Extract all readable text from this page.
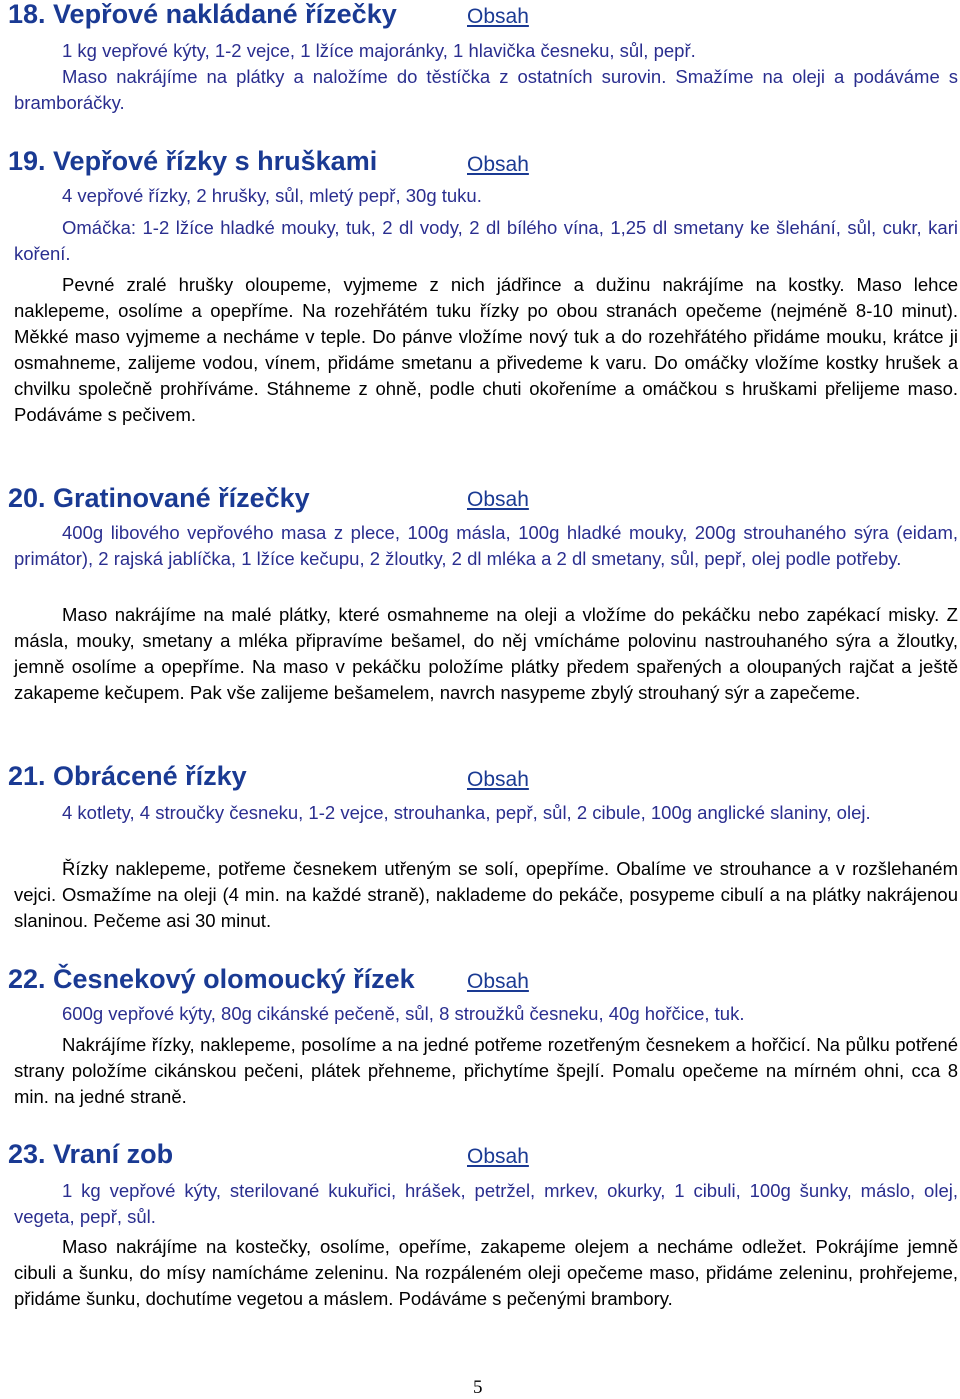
18. Vepřové nakládané řízečky	Obsah
1 kg vepřové kýty, 1-2 vejce, 1 lžíce majoránky, 1 hlavička česneku, sůl, pepř.
Maso nakrájíme na plátky a naložíme do těstíčka z ostatních surovin. Smažíme na oleji a podáváme s bramboráčky.
19. Vepřové řízky s hruškami	Obsah
4 vepřové řízky, 2 hrušky, sůl, mletý pepř, 30g tuku.
Omáčka: 1-2 lžíce hladké mouky, tuk, 2 dl vody, 2 dl bílého vína, 1,25 dl smetany ke šlehání, sůl, cukr, kari koření.
Pevné zralé hrušky oloupeme, vyjmeme z nich jádřince a dužinu nakrájíme na kostky. Maso lehce naklepeme, osolíme a opepříme. Na rozehřátém tuku řízky po obou stranách opečeme (nejméně 8-10 minut). Měkké maso vyjmeme a necháme v teple. Do pánve vložíme nový tuk a do rozehřátého přidáme mouku, krátce ji osmahneme, zalijeme vodou, vínem, přidáme smetanu a přivedeme k varu. Do omáčky vložíme kostky hrušek a chvilku společně prohříváme. Stáhneme z ohně, podle chuti okořeníme a omáčkou s hruškami přelijeme maso. Podáváme s pečivem.
20. Gratinované řízečky	Obsah
400g libového vepřového masa z plece, 100g másla, 100g hladké mouky, 200g strouhaného sýra (eidam, primátor), 2 rajská jablíčka, 1 lžíce kečupu, 2 žloutky, 2 dl mléka a 2 dl smetany, sůl, pepř, olej podle potřeby.
Maso nakrájíme na malé plátky, které osmahneme na oleji a vložíme do pekáčku nebo zapékací misky. Z másla, mouky, smetany a mléka připravíme bešamel, do něj vmícháme polovinu nastrouhaného sýra a žloutky, jemně osolíme a opepříme. Na maso v pekáčku položíme plátky předem spařených a oloupaných rajčat a ještě zakapeme kečupem. Pak vše zalijeme bešamelem, navrch nasypeme zbylý strouhaný sýr a zapečeme.
21. Obrácené řízky	Obsah
4 kotlety, 4 stroučky česneku, 1-2 vejce, strouhanka, pepř, sůl, 2 cibule, 100g anglické slaniny, olej.
Řízky naklepeme, potřeme česnekem utřeným se solí, opepříme. Obalíme ve strouhance a v rozšlehaném vejci. Osmažíme na oleji (4 min. na každé straně), naklademe do pekáče, posypeme cibulí a na plátky nakrájenou slaninou. Pečeme asi 30 minut.
22. Česnekový olomoucký řízek Obsah
600g vepřové kýty, 80g cikánské pečeně, sůl, 8 stroužků česneku, 40g hořčice, tuk.
Nakrájíme řízky, naklepeme, posolíme a na jedné potřeme rozetřeným česnekem a hořčicí. Na půlku potřené strany položíme cikánskou pečeni, plátek přehneme, přichytíme špejlí. Pomalu opečeme na mírném ohni, cca 8 min. na jedné straně.
23. Vraní zob	Obsah
1 kg vepřové kýty, sterilované kukuřici, hrášek, petržel, mrkev, okurky, 1 cibuli, 100g šunky, máslo, olej, vegeta, pepř, sůl.
Maso nakrájíme na kostečky, osolíme, opeříme, zakapeme olejem a necháme odležet. Pokrájíme jemně cibuli a šunku, do mísy namícháme zeleninu. Na rozpáleném oleji opečeme maso, přidáme zeleninu, prohřejeme, přidáme šunku, dochutíme vegetou a máslem. Podáváme s pečenými brambory.
5
